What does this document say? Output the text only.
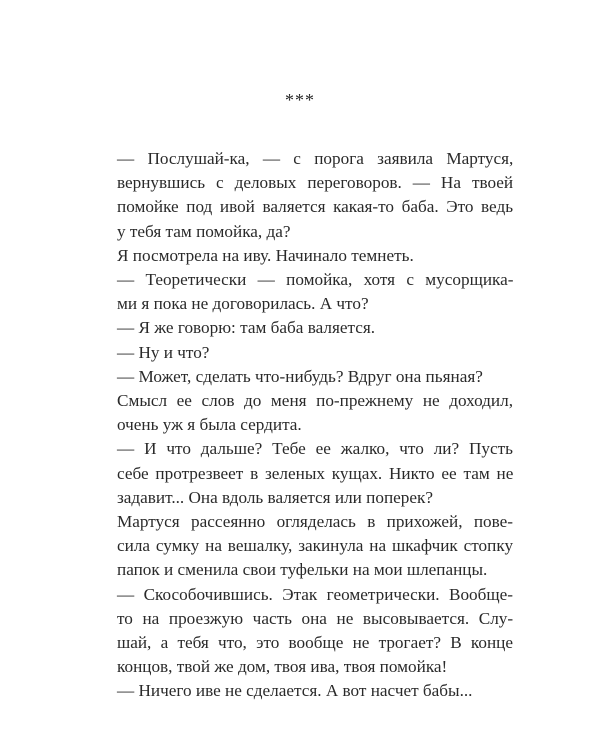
***
— Послушай-ка, — с порога заявила Мартуся,
вернувшись с деловых переговоров. — На твоей
помойке под ивой валяется какая-то баба. Это ведь
у тебя там помойка, да?
Я посмотрела на иву. Начинало темнеть.
— Теоретически — помойка, хотя с мусорщика-
ми я пока не договорилась. А что?
— Я же говорю: там баба валяется.
— Ну и что?
— Может, сделать что-нибудь? Вдруг она пьяная?
Смысл ее слов до меня по-прежнему не доходил,
очень уж я была сердита.
— И что дальше? Тебе ее жалко, что ли? Пусть
себе протрезвеет в зеленых кущах. Никто ее там не
задавит... Она вдоль валяется или поперек?
Мартуся рассеянно огляделась в прихожей, пове-
сила сумку на вешалку, закинула на шкафчик стопку
папок и сменила свои туфельки на мои шлепанцы.
— Скособочившись. Этак геометрически. Вообще-
то на проезжую часть она не высовывается. Слу-
шай, а тебя что, это вообще не трогает? В конце
концов, твой же дом, твоя ива, твоя помойка!
— Ничего иве не сделается. А вот насчет бабы...
